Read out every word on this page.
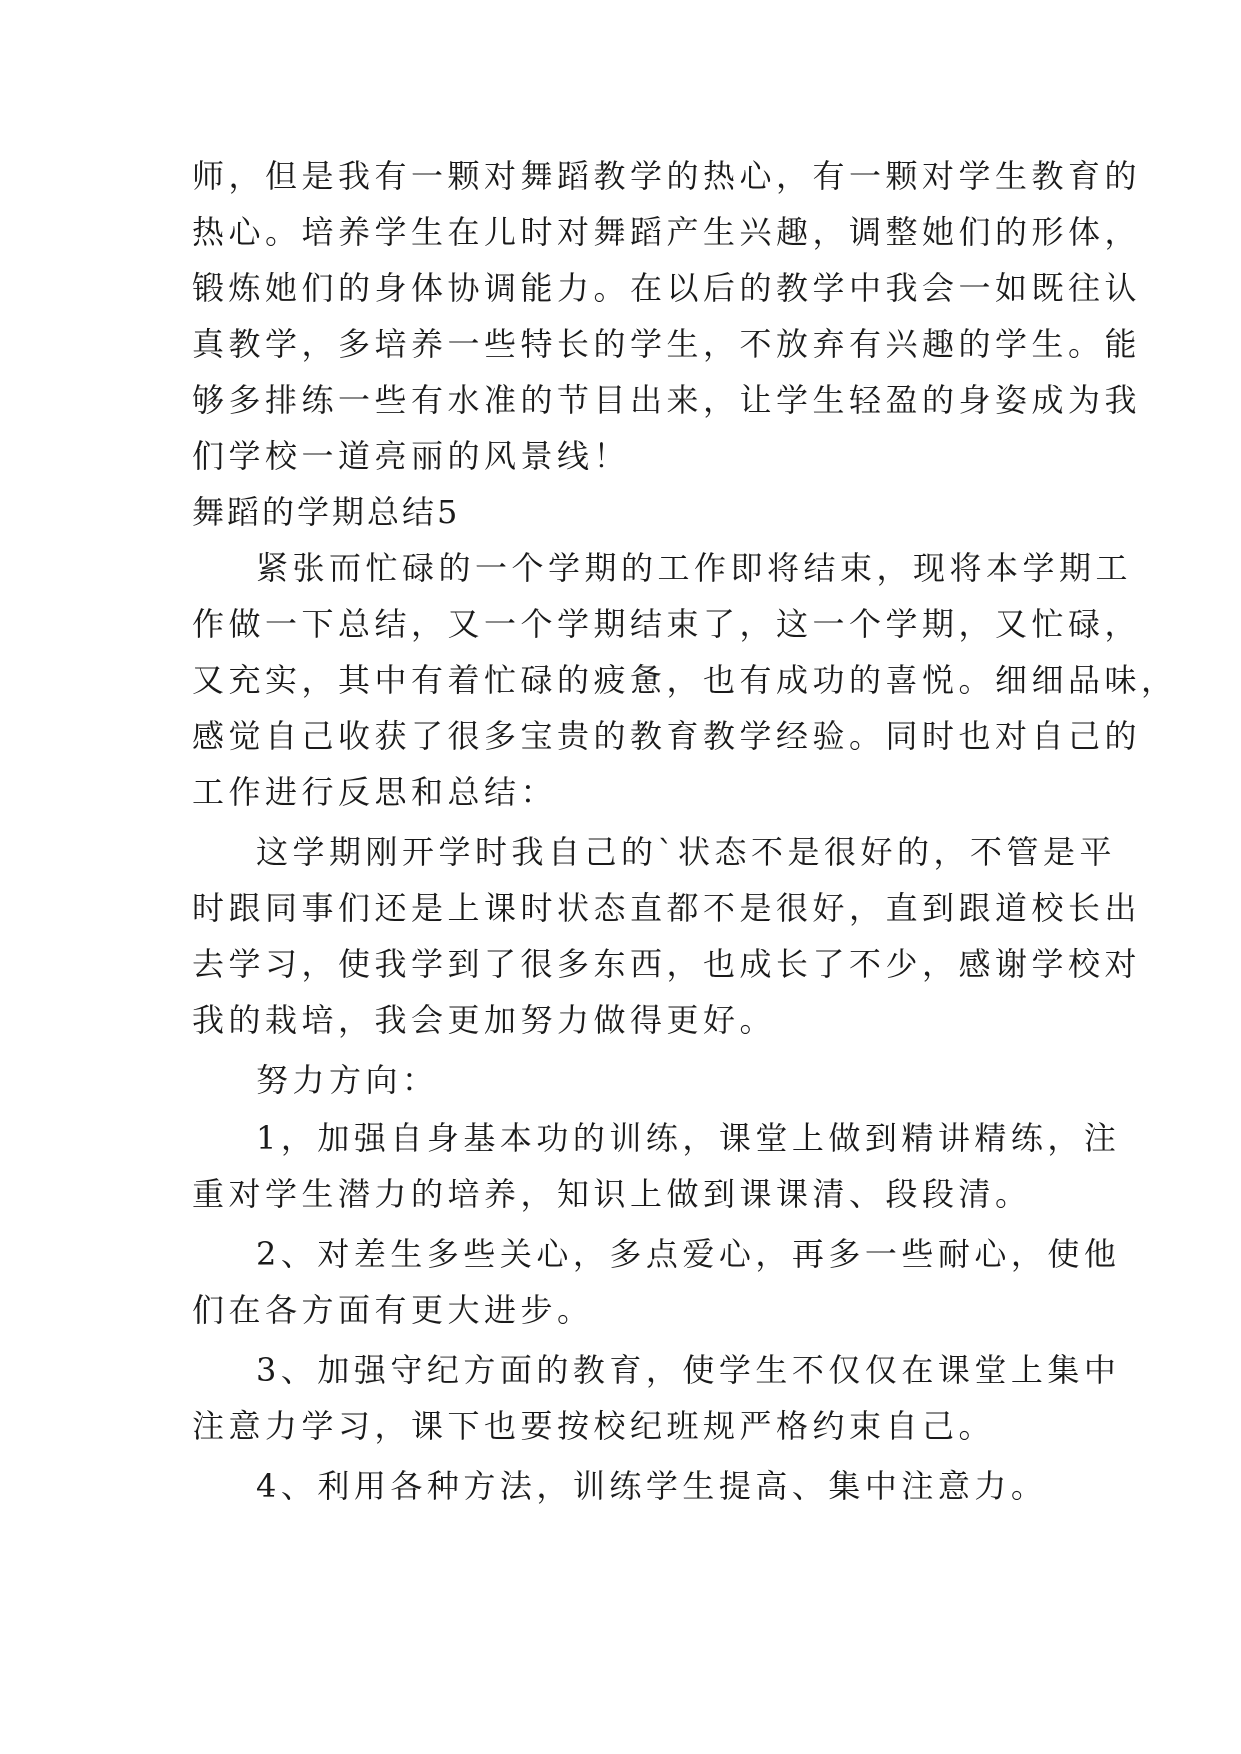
师，但是我有一颗对舞蹈教学的热心，有一颗对学生教育的
热心。培养学生在儿时对舞蹈产生兴趣，调整她们的形体，
锻炼她们的身体协调能力。在以后的教学中我会一如既往认
真教学，多培养一些特长的学生，不放弃有兴趣的学生。能
够多排练一些有水准的节目出来，让学生轻盈的身姿成为我
们学校一道亮丽的风景线！
舞蹈的学期总结5
紧张而忙碌的一个学期的工作即将结束，现将本学期工
作做一下总结，又一个学期结束了，这一个学期，又忙碌，
又充实，其中有着忙碌的疲惫，也有成功的喜悦。细细品味，
感觉自己收获了很多宝贵的教育教学经验。同时也对自己的
工作进行反思和总结：
这学期刚开学时我自己的`状态不是很好的，不管是平
时跟同事们还是上课时状态直都不是很好，直到跟道校长出
去学习，使我学到了很多东西，也成长了不少，感谢学校对
我的栽培，我会更加努力做得更好。
努力方向：
1，加强自身基本功的训练，课堂上做到精讲精练，注
重对学生潜力的培养，知识上做到课课清、段段清。
2、对差生多些关心，多点爱心，再多一些耐心，使他
们在各方面有更大进步。
3、加强守纪方面的教育，使学生不仅仅在课堂上集中
注意力学习，课下也要按校纪班规严格约束自己。
4、利用各种方法，训练学生提高、集中注意力。
